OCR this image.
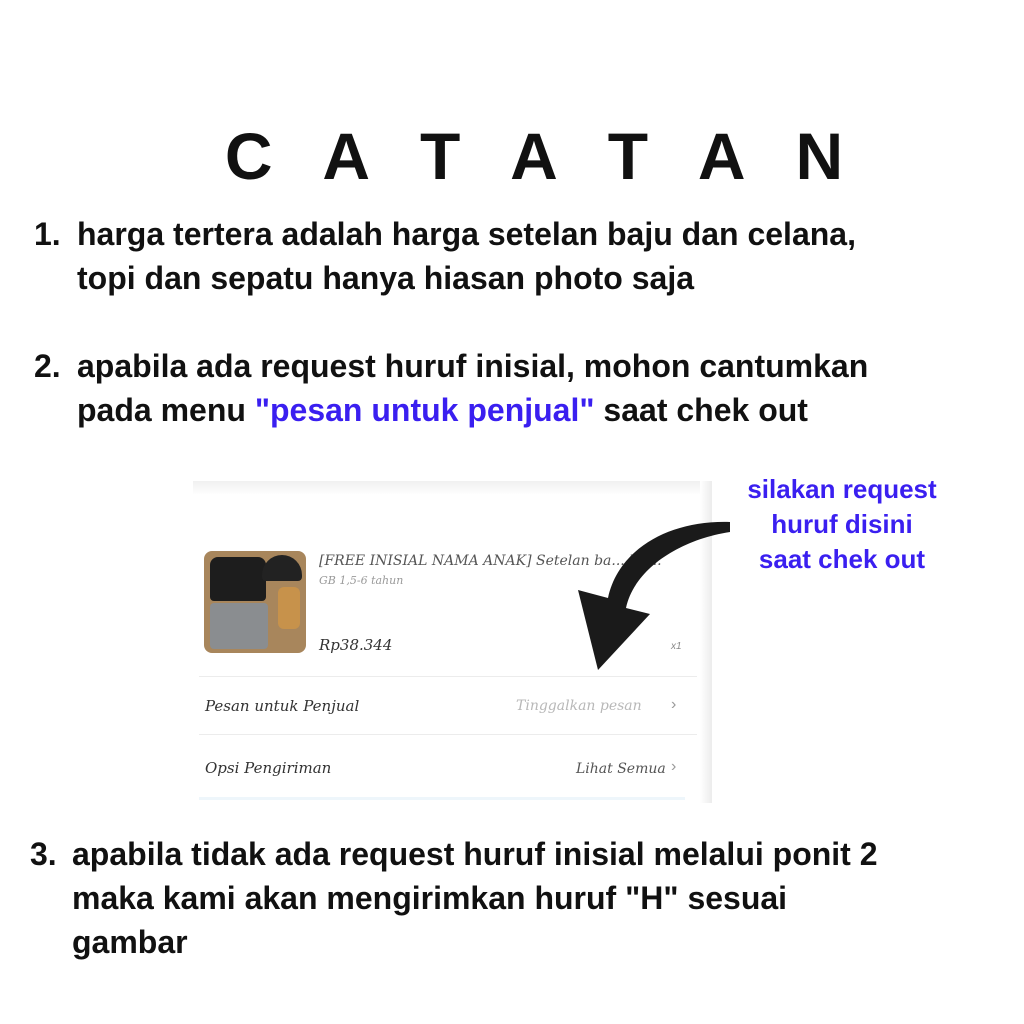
C A T A T A N
1. harga tertera adalah harga setelan baju dan celana,
topi dan sepatu hanya hiasan photo saja
2. apabila ada request huruf inisial, mohon cantumkan
pada menu "pesan untuk penjual" saat chek out
[FREE INISIAL NAMA ANAK] Setelan ba... Us...
GB 1,5-6 tahun
Rp38.344	x1
Pesan untuk Penjual	Tinggalkan pesan ›
Opsi Pengiriman	Lihat Semua ›
silakan request
huruf disini
saat chek out
3. apabila tidak ada request huruf inisial melalui ponit 2
maka kami akan mengirimkan huruf "H" sesuai
gambar
